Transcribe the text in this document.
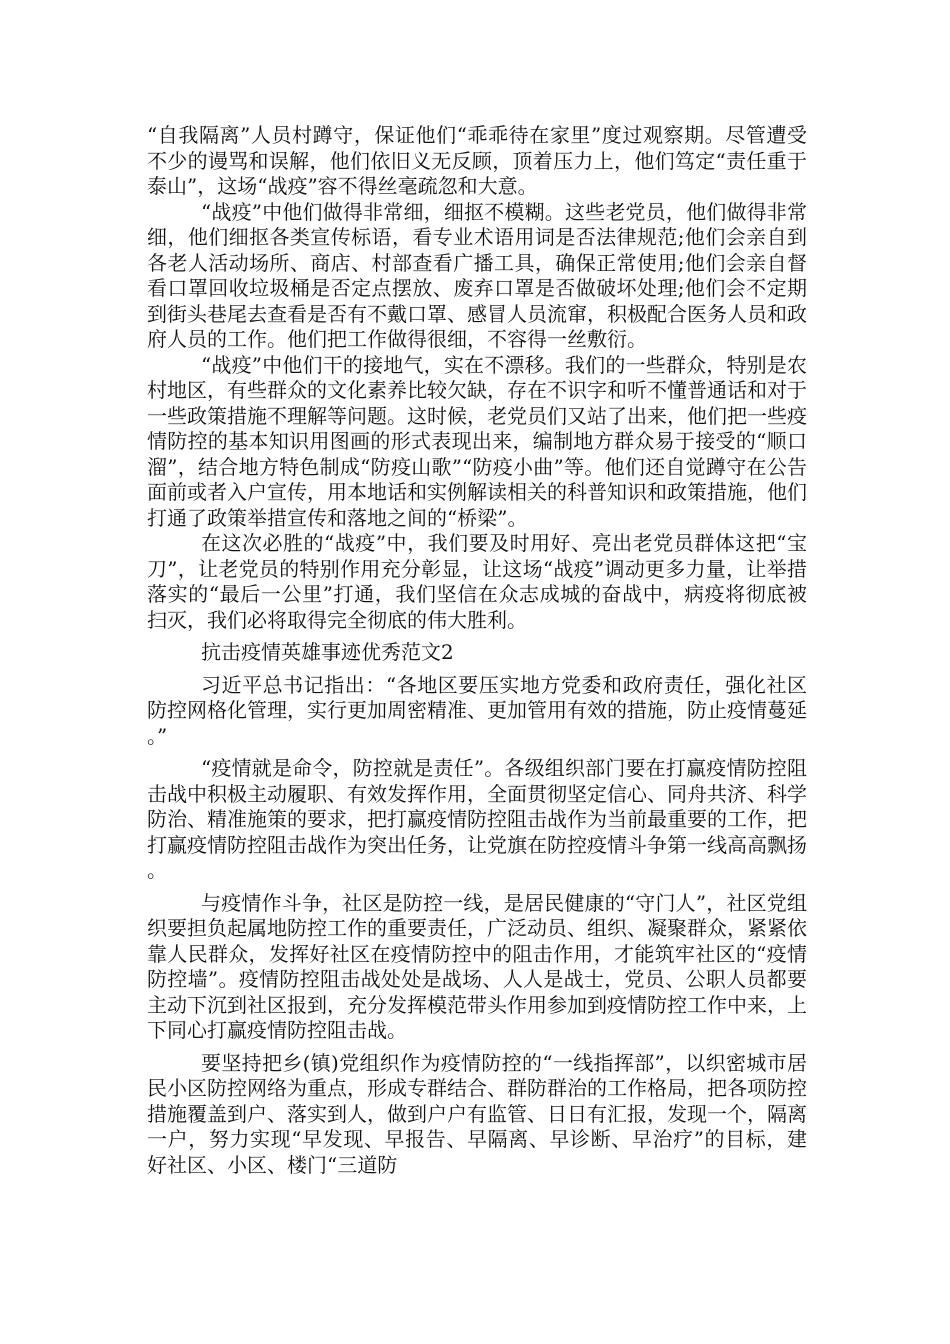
“自我隔离”人员村蹲守，保证他们“乖乖待在家里”度过观察期。尽管遭受不少的谩骂和误解，他们依旧义无反顾，顶着压力上，他们笃定“责任重于泰山”，这场“战疫”容不得丝毫疏忽和大意。

“战疫”中他们做得非常细，细抠不模糊。这些老党员，他们做得非常细，他们细抠各类宣传标语，看专业术语用词是否法律规范;他们会亲自到各老人活动场所、商店、村部查看广播工具，确保正常使用;他们会亲自督看口罩回收垃圾桶是否定点摆放、废弃口罩是否做破坏处理;他们会不定期到街头巷尾去查看是否有不戴口罩、感冒人员流窜，积极配合医务人员和政府人员的工作。他们把工作做得很细，不容得一丝敷衍。

“战疫”中他们干的接地气，实在不漂移。我们的一些群众，特别是农村地区，有些群众的文化素养比较欠缺，存在不识字和听不懂普通话和对于一些政策措施不理解等问题。这时候，老党员们又站了出来，他们把一些疫情防控的基本知识用图画的形式表现出来，编制地方群众易于接受的“顺口溜”，结合地方特色制成“防疫山歌”“防疫小曲”等。他们还自觉蹲守在公告面前或者入户宣传，用本地话和实例解读相关的科普知识和政策措施，他们打通了政策举措宣传和落地之间的“桥梁”。

在这次必胜的“战疫”中，我们要及时用好、亮出老党员群体这把“宝刀”，让老党员的特别作用充分彰显，让这场“战疫”调动更多力量，让举措落实的“最后一公里”打通，我们坚信在众志成城的奋战中，病疫将彻底被扫灭，我们必将取得完全彻底的伟大胜利。

抗击疫情英雄事迹优秀范文2

习近平总书记指出：“各地区要压实地方党委和政府责任，强化社区防控网格化管理，实行更加周密精准、更加管用有效的措施，防止疫情蔓延。”

“疫情就是命令，防控就是责任”。各级组织部门要在打赢疫情防控阻击战中积极主动履职、有效发挥作用，全面贯彻坚定信心、同舟共济、科学防治、精准施策的要求，把打赢疫情防控阻击战作为当前最重要的工作，把打赢疫情防控阻击战作为突出任务，让党旗在防控疫情斗争第一线高高飘扬。

与疫情作斗争，社区是防控一线，是居民健康的“守门人”，社区党组织要担负起属地防控工作的重要责任，广泛动员、组织、凝聚群众，紧紧依靠人民群众，发挥好社区在疫情防控中的阻击作用，才能筑牢社区的“疫情防控墙”。疫情防控阻击战处处是战场、人人是战士，党员、公职人员都要主动下沉到社区报到，充分发挥模范带头作用参加到疫情防控工作中来，上下同心打赢疫情防控阻击战。

要坚持把乡(镇)党组织作为疫情防控的“一线指挥部”，以织密城市居民小区防控网络为重点，形成专群结合、群防群治的工作格局，把各项防控措施覆盖到户、落实到人，做到户户有监管、日日有汇报，发现一个，隔离一户，努力实现“早发现、早报告、早隔离、早诊断、早治疗”的目标，建好社区、小区、楼门“三道防
